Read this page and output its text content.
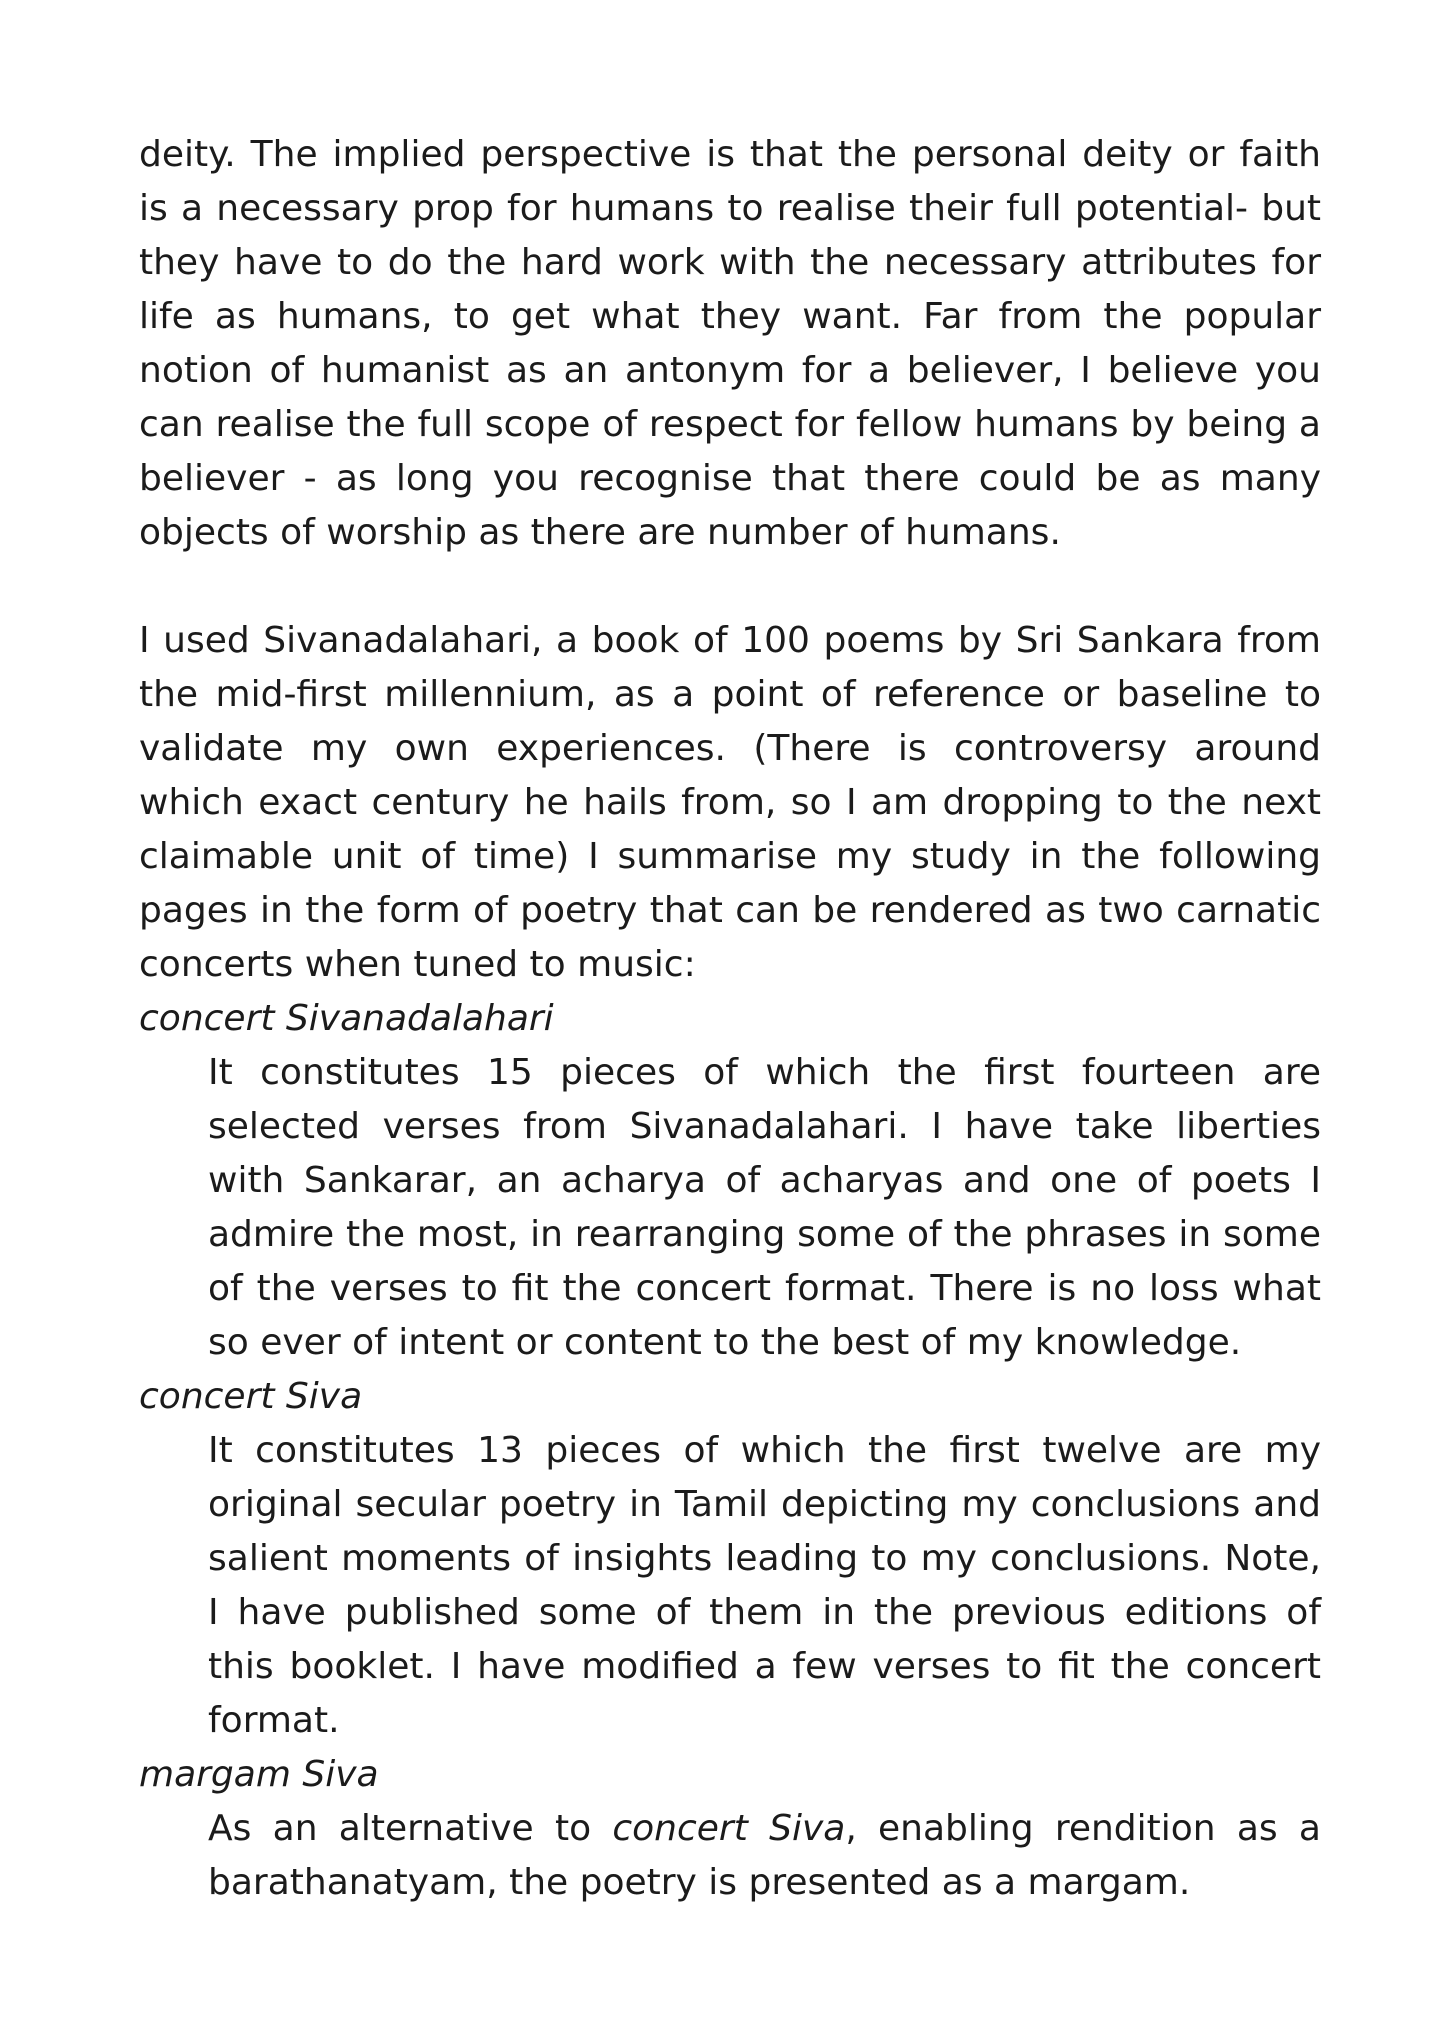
deity. The implied perspective is that the personal deity or faith is a necessary prop for humans to realise their full potential- but they have to do the hard work with the necessary attributes for life as humans, to get what they want. Far from the popular notion of humanist as an antonym for a believer, I believe you can realise the full scope of respect for fellow humans by being a believer - as long you recognise that there could be as many objects of worship as there are number of humans.

I used Sivanadalahari, a book of 100 poems by Sri Sankara from the mid-first millennium, as a point of reference or baseline to validate my own experiences. (There is controversy around which exact century he hails from, so I am dropping to the next claimable unit of time) I summarise my study in the following pages in the form of poetry that can be rendered as two carnatic concerts when tuned to music:

concert Sivanadalahari

It constitutes 15 pieces of which the first fourteen are selected verses from Sivanadalahari. I have take liberties with Sankarar, an acharya of acharyas and one of poets I admire the most, in rearranging some of the phrases in some of the verses to fit the concert format. There is no loss what so ever of intent or content to the best of my knowledge.

concert Siva

It constitutes 13 pieces of which the first twelve are my original secular poetry in Tamil depicting my conclusions and salient moments of insights leading to my conclusions. Note, I have published some of them in the previous editions of this booklet. I have modified a few verses to fit the concert format.

margam Siva

As an alternative to concert Siva, enabling rendition as a barathanatyam, the poetry is presented as a margam.
